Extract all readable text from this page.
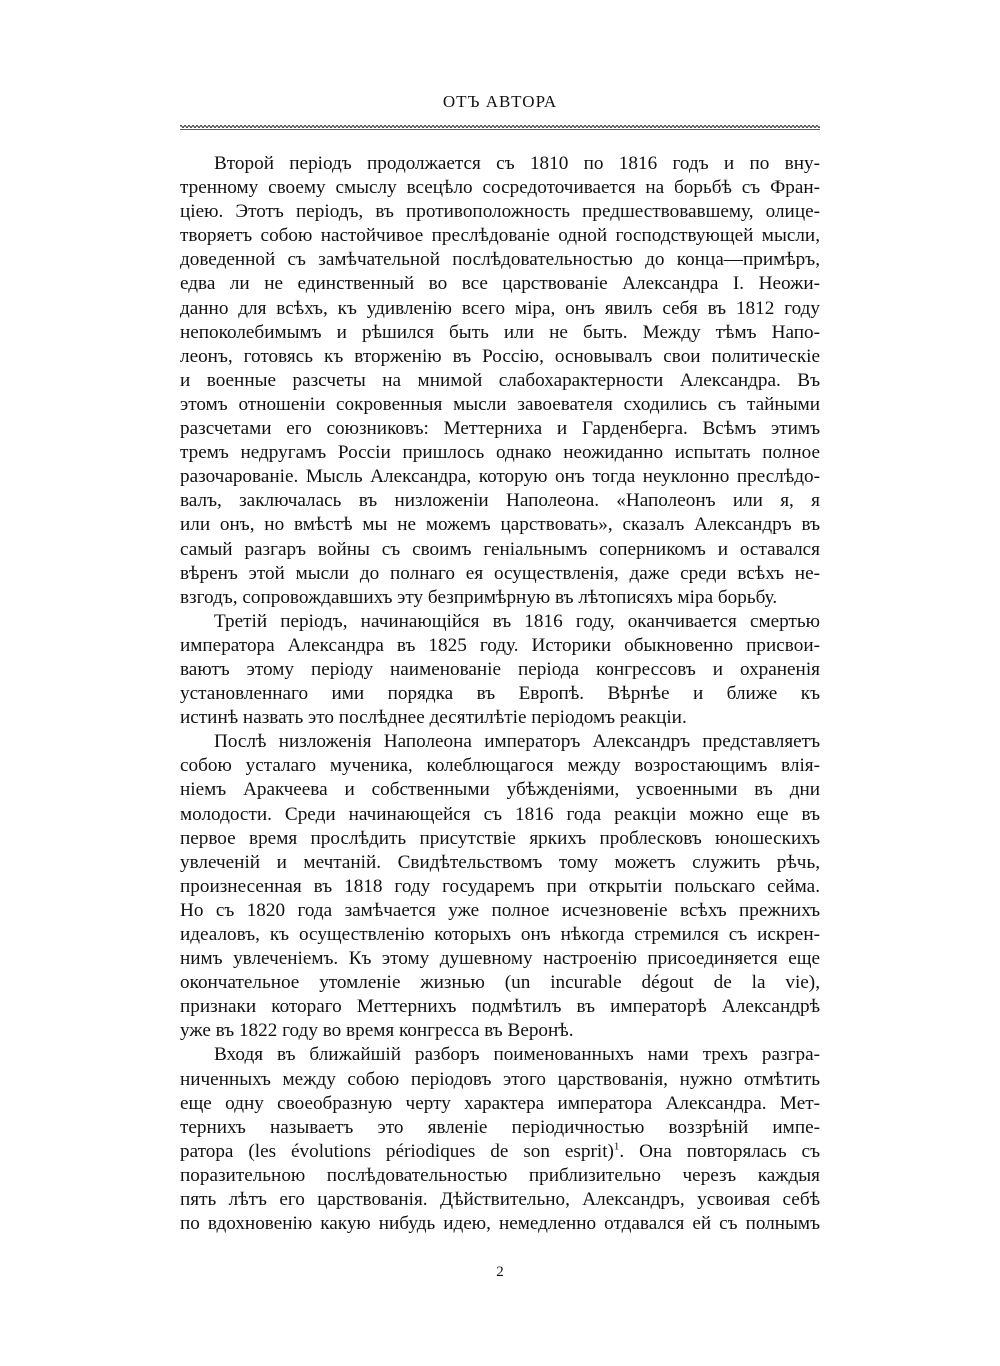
ОТЪ АВТОРА
Второй періодъ продолжается съ 1810 по 1816 годъ и по вну-
тренному своему смыслу всецѣло сосредоточивается на борьбѣ съ Фран-
ціею. Этотъ періодъ, въ противоположность предшествовавшему, олице-
творяетъ собою настойчивое преслѣдованіе одной господствующей мысли,
доведенной съ замѣчательной послѣдовательностью до конца—примѣръ,
едва ли не единственный во все царствованіе Александра I. Неожи-
данно для всѣхъ, къ удивленію всего міра, онъ явилъ себя въ 1812 году
непоколебимымъ и рѣшился быть или не быть. Между тѣмъ Напо-
леонъ, готовясь къ вторженію въ Россію, основывалъ свои политическіе
и военные разсчеты на мнимой слабохарактерности Александра. Въ
этомъ отношеніи сокровенныя мысли завоевателя сходились съ тайными
разсчетами его союзниковъ: Меттерниха и Гарденберга. Всѣмъ этимъ
тремъ недругамъ Россіи пришлось однако неожиданно испытать полное
разочарованіе. Мысль Александра, которую онъ тогда неуклонно преслѣдо-
валъ, заключалась въ низложеніи Наполеона. «Наполеонъ или я, я
или онъ, но вмѣстѣ мы не можемъ царствовать», сказалъ Александръ въ
самый разгаръ войны съ своимъ геніальнымъ соперникомъ и оставался
вѣренъ этой мысли до полнаго ея осуществленія, даже среди всѣхъ не-
взгодъ, сопровождавшихъ эту безпримѣрную въ лѣтописяхъ міра борьбу.
Третій періодъ, начинающійся въ 1816 году, оканчивается смертью
императора Александра въ 1825 году. Историки обыкновенно присвои-
ваютъ этому періоду наименованіе періода конгрессовъ и охраненія
установленнаго ими порядка въ Европѣ. Вѣрнѣе и ближе къ
истинѣ назвать это послѣднее десятилѣтіе періодомъ реакціи.
Послѣ низложенія Наполеона императоръ Александръ представляетъ
собою усталаго мученика, колеблющагося между возростающимъ влія-
ніемъ Аракчеева и собственными убѣжденіями, усвоенными въ дни
молодости. Среди начинающейся съ 1816 года реакціи можно еще въ
первое время прослѣдить присутствіе яркихъ проблесковъ юношескихъ
увлеченій и мечтаній. Свидѣтельствомъ тому можетъ служить рѣчь,
произнесенная въ 1818 году государемъ при открытіи польскаго сейма.
Но съ 1820 года замѣчается уже полное исчезновеніе всѣхъ прежнихъ
идеаловъ, къ осуществленію которыхъ онъ нѣкогда стремился съ искрен-
нимъ увлеченіемъ. Къ этому душевному настроенію присоединяется еще
окончательное утомленіе жизнью (un incurable dégout de la vie),
признаки котораго Меттернихъ подмѣтилъ въ императорѣ Александрѣ
уже въ 1822 году во время конгресса въ Веронѣ.
Входя въ ближайшій разборъ поименованныхъ нами трехъ разгра-
ниченныхъ между собою періодовъ этого царствованія, нужно отмѣтить
еще одну своеобразную черту характера императора Александра. Мет-
тернихъ называетъ это явленіе періодичностью воззрѣній импе-
ратора (les évolutions périodiques de son esprit)$^1$. Она повторялась съ
поразительною послѣдовательностью приблизительно черезъ каждыя
пять лѣтъ его царствованія. Дѣйствительно, Александръ, усвоивая себѣ
по вдохновенію какую нибудь идею, немедленно отдавался ей съ полнымъ
2
